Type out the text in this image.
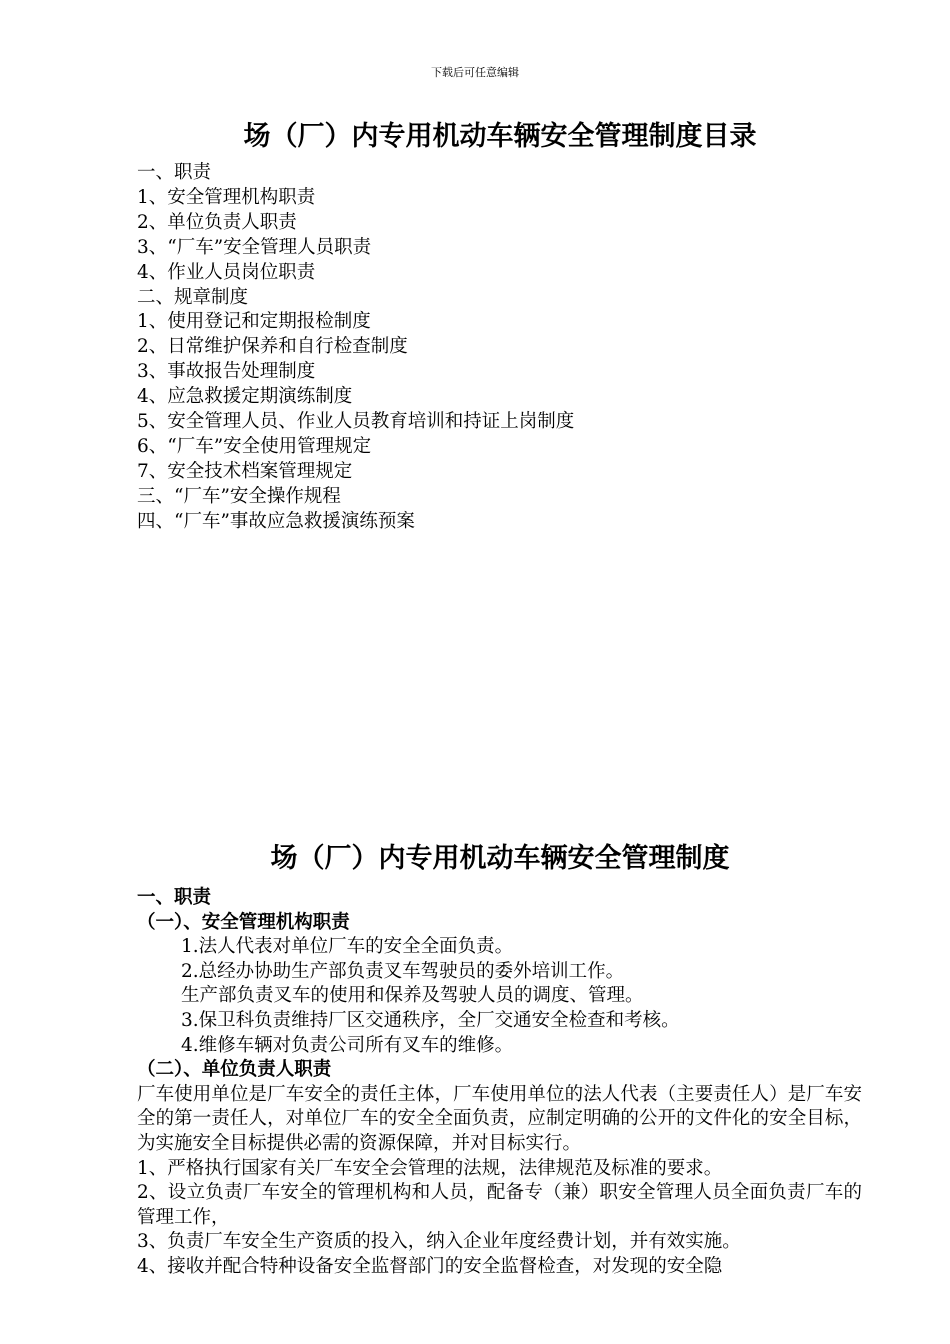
下载后可任意编辑
场（厂）内专用机动车辆安全管理制度目录
一、职责
1、安全管理机构职责
2、单位负责人职责
3、“厂车”安全管理人员职责
4、作业人员岗位职责
二、规章制度
1、使用登记和定期报检制度
2、日常维护保养和自行检查制度
3、事故报告处理制度
4、应急救援定期演练制度
5、安全管理人员、作业人员教育培训和持证上岗制度
6、“厂车”安全使用管理规定
7、安全技术档案管理规定
三、“厂车”安全操作规程
四、“厂车”事故应急救援演练预案
场（厂）内专用机动车辆安全管理制度
一、职责
（一）、安全管理机构职责
1.法人代表对单位厂车的安全全面负责。
2.总经办协助生产部负责叉车驾驶员的委外培训工作。
生产部负责叉车的使用和保养及驾驶人员的调度、管理。
3.保卫科负责维持厂区交通秩序，全厂交通安全检查和考核。
4.维修车辆对负责公司所有叉车的维修。
（二）、单位负责人职责
厂车使用单位是厂车安全的责任主体，厂车使用单位的法人代表（主要责任人）是厂车安全的第一责任人，对单位厂车的安全全面负责，应制定明确的公开的文件化的安全目标，为实施安全目标提供必需的资源保障，并对目标实行。
1、严格执行国家有关厂车安全会管理的法规，法律规范及标准的要求。
2、设立负责厂车安全的管理机构和人员，配备专（兼）职安全管理人员全面负责厂车的管理工作，
3、负责厂车安全生产资质的投入，纳入企业年度经费计划，并有效实施。
4、接收并配合特种设备安全监督部门的安全监督检查，对发现的安全隐
